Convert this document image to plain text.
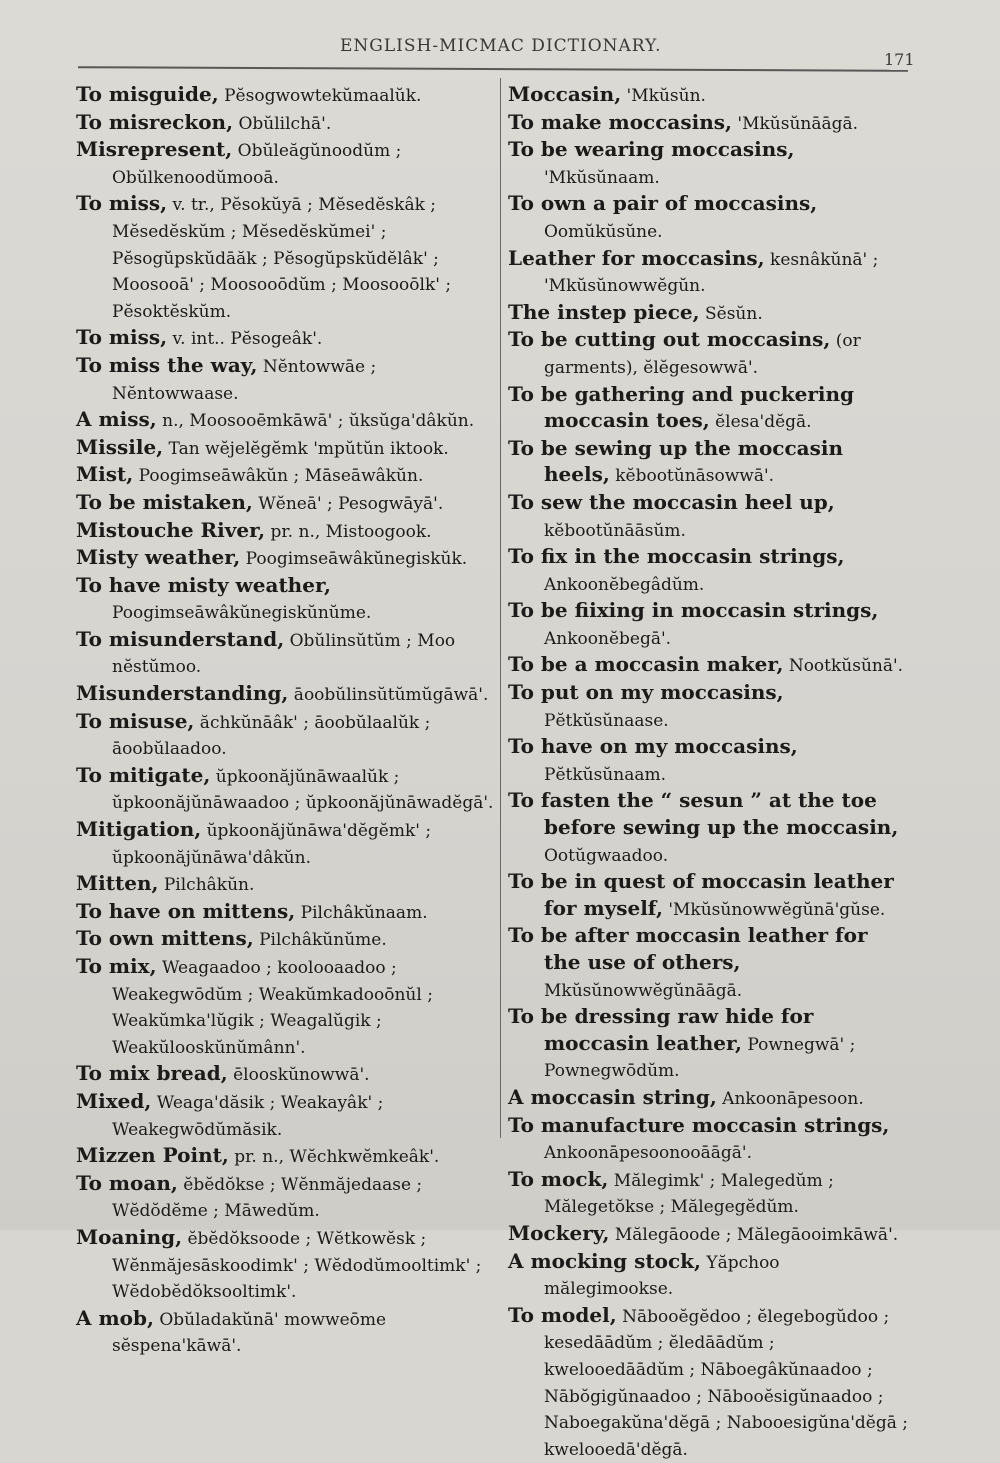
ENGLISH-MICMAC DICTIONARY.
171

To misguide, Pĕsogwowtekŭmaalŭk.

To misreckon, Obŭlilchā'.

Misrepresent, Obŭleăgŭnoodŭm ; Obŭlkenoodŭmooā.

To miss, v. tr., Pĕsokŭyā ; Mĕsedĕskâk ; Mĕsedĕskŭm ; Mĕsedĕskŭmei' ; Pĕsogŭpskŭdāăk ; Pĕsogŭpskŭdĕlâk' ; Moosooā' ; Moosooōdŭm ; Moosooōlk' ; Pĕsoktĕskŭm.

To miss, v. int.. Pĕsogeâk'.

To miss the way, Nĕntowwāe ; Nĕntowwaase.

A miss, n., Moosooēmkāwā' ; ŭksŭga'dâkŭn.

Missile, Tan wĕjelĕgĕmk 'mpŭtŭn iktook.

Mist, Poogimseāwâkŭn ; Māseāwâkŭn.

To be mistaken, Wĕneā' ; Pesogwāyā'.

Mistouche River, pr. n., Mistoogook.

Misty weather, Poogimseāwâkŭnegiskŭk.

To have misty weather, Poogimseāwâkŭnegiskŭnŭme.

To misunderstand, Obŭlinsŭtŭm ; Moo nĕstŭmoo.

Misunderstanding, āoobŭlinsŭtŭmŭgāwā'.

To misuse, ăchkŭnāâk' ; āoobŭlaalŭk ; āoobŭlaadoo.

To mitigate, ŭpkoonăjŭnāwaalŭk ; ŭpkoonăjŭnāwaadoo ; ŭpkoonăjŭnāwadĕgā'.

Mitigation, ŭpkoonăjŭnāwa'dĕgĕmk' ; ŭpkoonăjŭnāwa'dâkŭn.

Mitten, Pilchâkŭn.

To have on mittens, Pilchâkŭnaam.

To own mittens, Pilchâkŭnŭme.

To mix, Weagaadoo ; koolooaadoo ; Weakegwōdŭm ; Weakŭmkadooōnŭl ; Weakŭmka'lŭgik ; Weagalŭgik ; Weakŭlooskŭnŭmânn'.

To mix bread, ēlooskŭnowwā'.

Mixed, Weaga'dăsik ; Weakayâk' ; Weakegwōdŭmăsik.

Mizzen Point, pr. n., Wĕchkwĕmkeâk'.

To moan, ĕbĕdŏkse ; Wĕnmăjedaase ; Wĕdŏdĕme ; Māwedŭm.

Moaning, ĕbĕdŏksoode ; Wĕtkowĕsk ; Wĕnmăjesāskoodimk' ; Wĕdodŭmooltimk' ; Wĕdobĕdŏksooltimk'.

A mob, Obŭladakŭnā' mowweōme sĕspena'kāwā'.

Moccasin, 'Mkŭsŭn.

To make moccasins, 'Mkŭsŭnāāgā.

To be wearing moccasins, 'Mkŭsŭnaam.

To own a pair of moccasins, Oomŭkŭsŭne.

Leather for moccasins, kesnâkŭnā' ; 'Mkŭsŭnowwĕgŭn.

The instep piece, Sĕsŭn.

To be cutting out moccasins, (or garments), ĕlĕgesowwā'.

To be gathering and puckering moccasin toes, ĕlesa'dĕgā.

To be sewing up the moccasin heels, kĕbootŭnāsowwā'.

To sew the moccasin heel up, kĕbootŭnāāsŭm.

To fix in the moccasin strings, Ankoonĕbegâdŭm.

To be fiixing in moccasin strings, Ankoonĕbegā'.

To be a moccasin maker, Nootkŭsŭnā'.

To put on my moccasins, Pĕtkŭsŭnaase.

To have on my moccasins, Pĕtkŭsŭnaam.

To fasten the “ sesun ” at the toe before sewing up the moccasin, Ootŭgwaadoo.

To be in quest of moccasin leather for myself, 'Mkŭsŭnowwĕgŭnā'gŭse.

To be after moccasin leather for the use of others, Mkŭsŭnowwĕgŭnāāgā.

To be dressing raw hide for moccasin leather, Pownegwā' ; Pownegwōdŭm.

A moccasin string, Ankoonāpesoon.

To manufacture moccasin strings, Ankoonāpesoonooāāgā'.

To mock, Mălegimk' ; Malegedŭm ; Mălegetŏkse ; Mălegegĕdŭm.

Mockery, Mălegāoode ; Mălegāooimkāwā'.

A mocking stock, Yăpchoo mălegimookse.

To model, Nābooĕgĕdoo ; ĕlegebogŭdoo ; kesedāādŭm ; ĕledāādŭm ; kwelooedāādŭm ; Nāboegâkŭnaadoo ; Nābŏgigŭnaadoo ; Nābooĕsigŭnaadoo ; Naboegakŭna'dĕgā ; Nabooesigŭna'dĕgā ; kwelooedā'dĕgā.
